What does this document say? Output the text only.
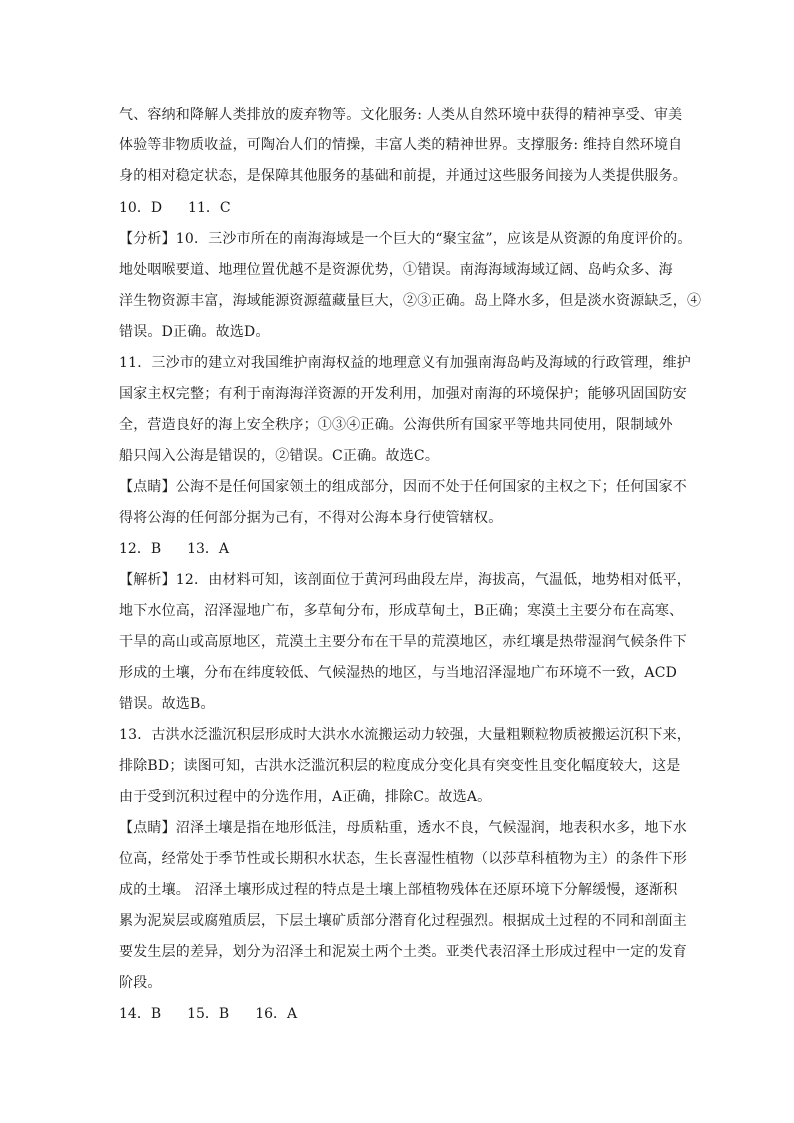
气、容纳和降解人类排放的废弃物等。文化服务: 人类从自然环境中获得的精神享受、审美
体验等非物质收益，可陶冶人们的情操，丰富人类的精神世界。支撑服务: 维持自然环境自
身的相对稳定状态，是保障其他服务的基础和前提，并通过这些服务间接为人类提供服务。
10．D 11．C
【分析】10．三沙市所在的南海海域是一个巨大的“聚宝盆”，应该是从资源的角度评价的。
地处咽喉要道、地理位置优越不是资源优势，①错误。南海海域海域辽阔、岛屿众多、海
洋生物资源丰富，海域能源资源蕴藏量巨大，②③正确。岛上降水多，但是淡水资源缺乏，④
错误。D正确。故选D。
11．三沙市的建立对我国维护南海权益的地理意义有加强南海岛屿及海域的行政管理，维护
国家主权完整；有利于南海海洋资源的开发利用，加强对南海的环境保护；能够巩固国防安
全，营造良好的海上安全秩序；①③④正确。公海供所有国家平等地共同使用，限制域外
船只闯入公海是错误的，②错误。C正确。故选C。
【点睛】公海不是任何国家领土的组成部分，因而不处于任何国家的主权之下；任何国家不
得将公海的任何部分据为己有，不得对公海本身行使管辖权。
12．B 13．A
【解析】12．由材料可知，该剖面位于黄河玛曲段左岸，海拔高，气温低，地势相对低平，
地下水位高，沼泽湿地广布，多草甸分布，形成草甸土，B正确；寒漠土主要分布在高寒、
干旱的高山或高原地区，荒漠土主要分布在干旱的荒漠地区，赤红壤是热带湿润气候条件下
形成的土壤，分布在纬度较低、气候湿热的地区，与当地沼泽湿地广布环境不一致，ACD
错误。故选B。
13．古洪水泛滥沉积层形成时大洪水水流搬运动力较强，大量粗颗粒物质被搬运沉积下来，
排除BD；读图可知，古洪水泛滥沉积层的粒度成分变化具有突变性且变化幅度较大，这是
由于受到沉积过程中的分选作用，A正确，排除C。故选A。
【点睛】沼泽土壤是指在地形低洼，母质粘重，透水不良，气候湿润，地表积水多，地下水
位高，经常处于季节性或长期积水状态，生长喜湿性植物（以莎草科植物为主）的条件下形
成的土壤。 沼泽土壤形成过程的特点是土壤上部植物残体在还原环境下分解缓慢，逐渐积
累为泥炭层或腐殖质层，下层土壤矿质部分潜育化过程强烈。根据成土过程的不同和剖面主
要发生层的差异，划分为沼泽土和泥炭土两个土类。亚类代表沼泽土形成过程中一定的发育
阶段。
14．B 15．B 16．A
